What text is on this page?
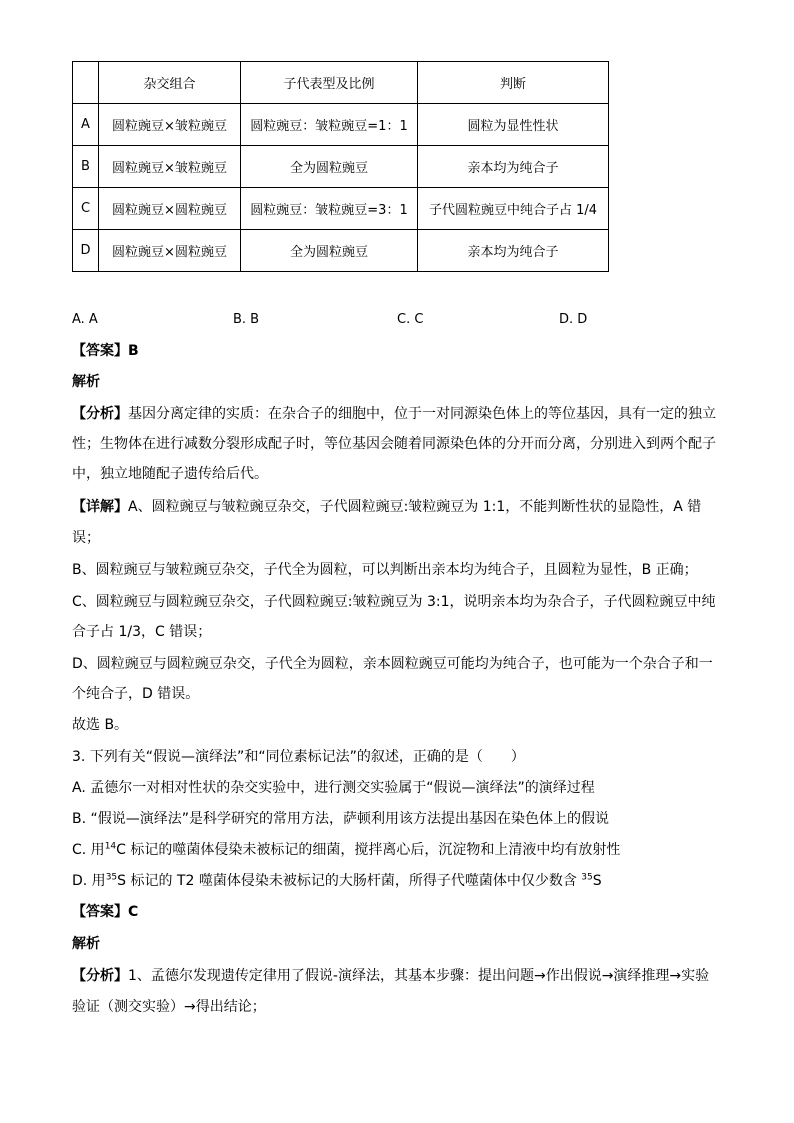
	杂交组合	子代表型及比例	判断
A	圆粒豌豆×皱粒豌豆	圆粒豌豆：皱粒豌豆=1：1	圆粒为显性性状
B	圆粒豌豆×皱粒豌豆	全为圆粒豌豆	亲本均为纯合子
C	圆粒豌豆×圆粒豌豆	圆粒豌豆：皱粒豌豆=3：1	子代圆粒豌豆中纯合子占 1/4
D	圆粒豌豆×圆粒豌豆	全为圆粒豌豆	亲本均为纯合子
A. A	B. B	C. C	D. D
【答案】B
解析
【分析】基因分离定律的实质：在杂合子的细胞中，位于一对同源染色体上的等位基因，具有一定的独立
性；生物体在进行减数分裂形成配子时，等位基因会随着同源染色体的分开而分离，分别进入到两个配子
中，独立地随配子遗传给后代。
【详解】A、圆粒豌豆与皱粒豌豆杂交，子代圆粒豌豆:皱粒豌豆为 1:1，不能判断性状的显隐性，A 错
误；
B、圆粒豌豆与皱粒豌豆杂交，子代全为圆粒，可以判断出亲本均为纯合子，且圆粒为显性，B 正确；
C、圆粒豌豆与圆粒豌豆杂交，子代圆粒豌豆:皱粒豌豆为 3:1，说明亲本均为杂合子，子代圆粒豌豆中纯
合子占 1/3，C 错误；
D、圆粒豌豆与圆粒豌豆杂交，子代全为圆粒，亲本圆粒豌豆可能均为纯合子，也可能为一个杂合子和一
个纯合子，D 错误。
故选 B。
3. 下列有关“假说—演绎法”和“同位素标记法”的叙述，正确的是（　　）
A. 孟德尔一对相对性状的杂交实验中，进行测交实验属于“假说—演绎法”的演绎过程
B. “假说—演绎法”是科学研究的常用方法，萨顿利用该方法提出基因在染色体上的假说
C. 用$^{14}$C 标记的噬菌体侵染未被标记的细菌，搅拌离心后，沉淀物和上清液中均有放射性
D. 用$^{35}$S 标记的 T2 噬菌体侵染未被标记的大肠杆菌，所得子代噬菌体中仅少数含 $^{35}$S
【答案】C
解析
【分析】1、孟德尔发现遗传定律用了假说-演绎法，其基本步骤：提出问题→作出假说→演绎推理→实验
验证（测交实验）→得出结论；
